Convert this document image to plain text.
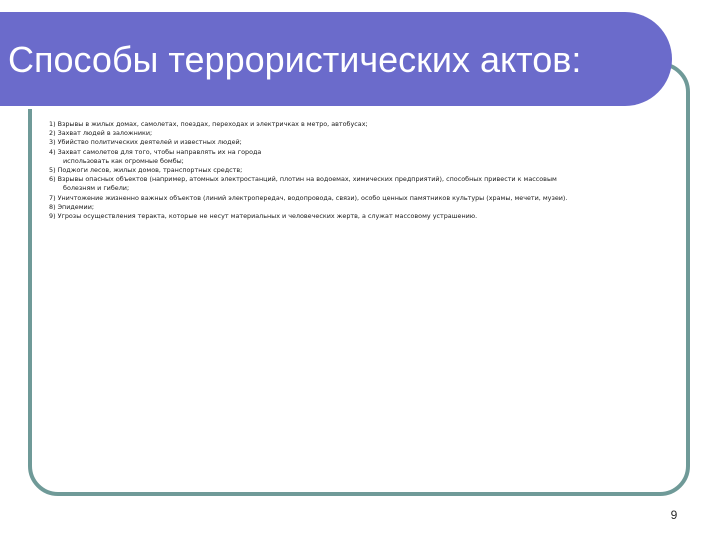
Способы террористических актов:
1) Взрывы в жилых домах, самолетах, поездах, переходах и электричках в метро, автобусах;
2) Захват людей в заложники;
3) Убийство политических деятелей и известных людей;
4) Захват самолетов для того, чтобы направлять их на города
использовать как огромные бомбы;
5) Поджоги лесов, жилых домов, транспортных средств;
6) Взрывы опасных объектов (например, атомных электростанций, плотин на водоемах, химических предприятий), способных привести к массовым
болезням и гибели;
7) Уничтожение жизненно важных объектов (линий электропередач, водопровода, связи), особо ценных памятников культуры (храмы, мечети, музеи).
8) Эпидемии;
9) Угрозы осуществления теракта, которые не несут материальных и человеческих жертв, а служат массовому устрашению.
9
